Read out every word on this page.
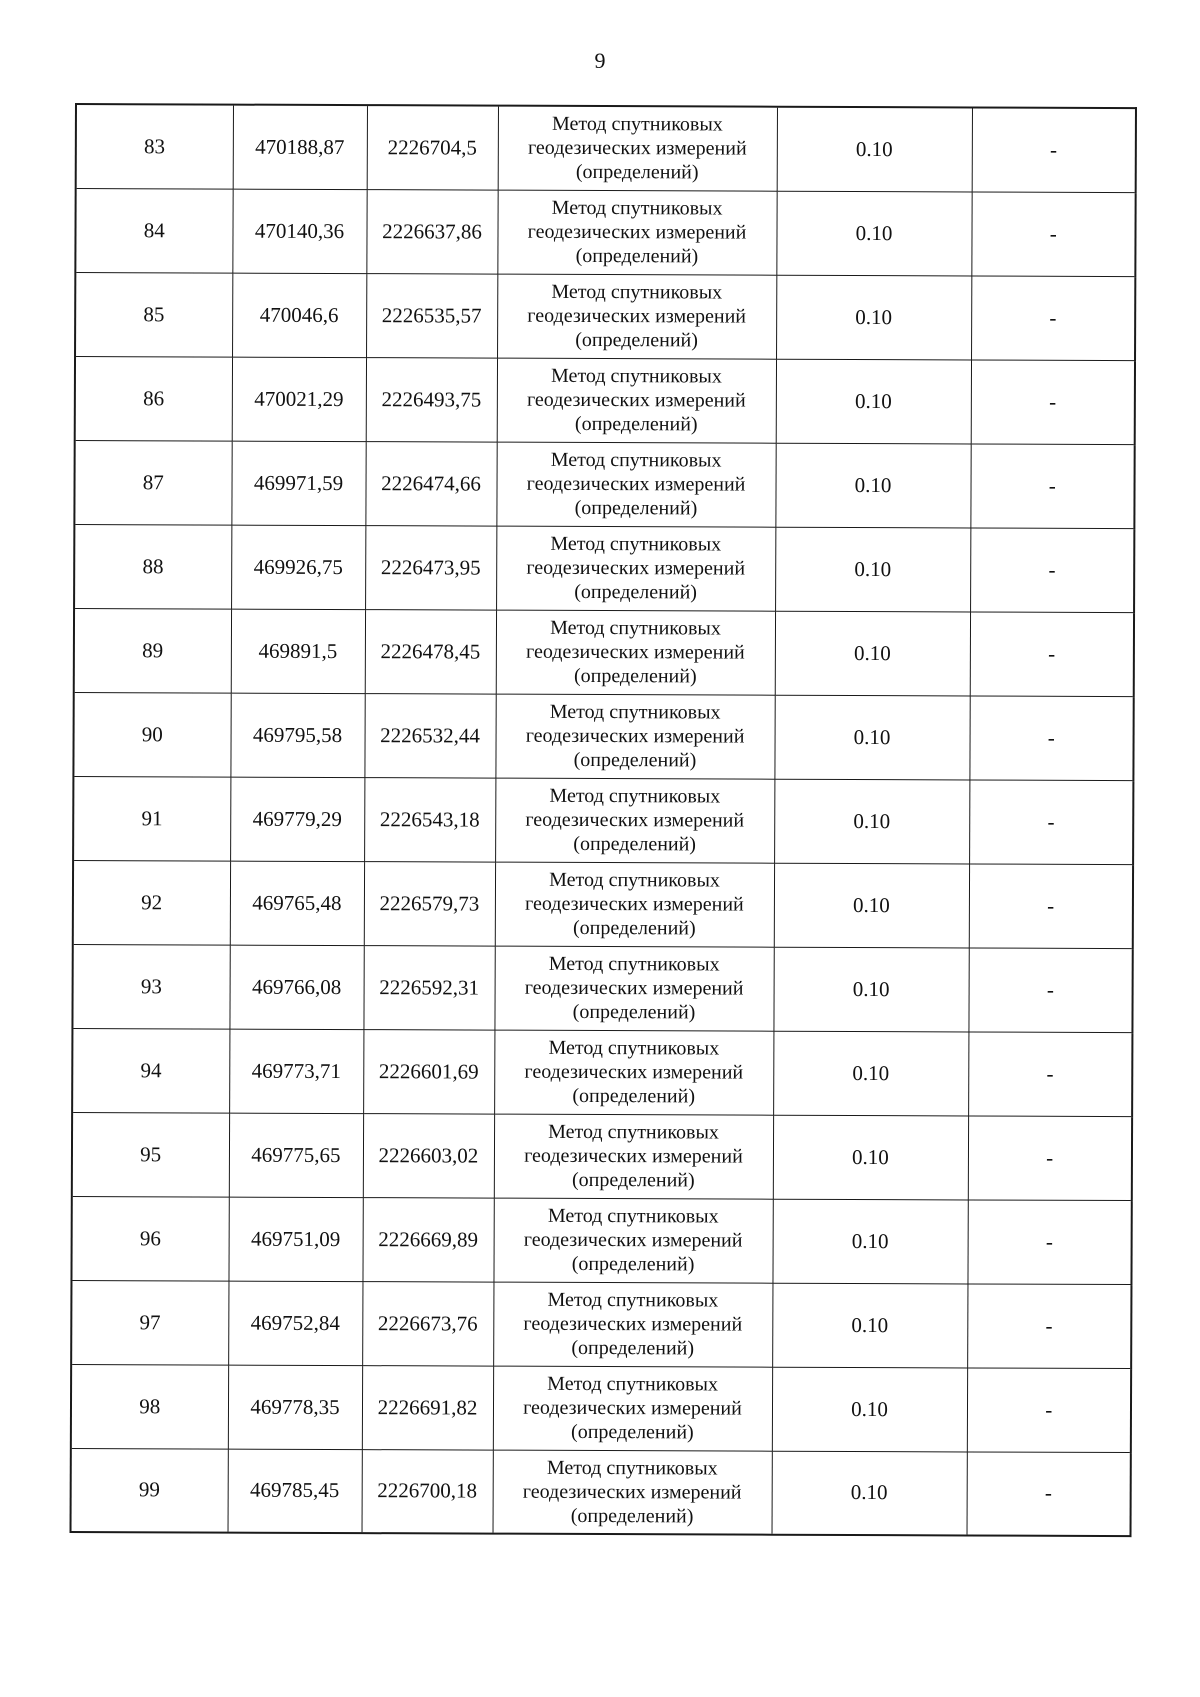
9
83	470188,87	2226704,5	Метод спутниковых
геодезических измерений
(определений)	0.10	-
84	470140,36	2226637,86	Метод спутниковых
геодезических измерений
(определений)	0.10	-
85	470046,6	2226535,57	Метод спутниковых
геодезических измерений
(определений)	0.10	-
86	470021,29	2226493,75	Метод спутниковых
геодезических измерений
(определений)	0.10	-
87	469971,59	2226474,66	Метод спутниковых
геодезических измерений
(определений)	0.10	-
88	469926,75	2226473,95	Метод спутниковых
геодезических измерений
(определений)	0.10	-
89	469891,5	2226478,45	Метод спутниковых
геодезических измерений
(определений)	0.10	-
90	469795,58	2226532,44	Метод спутниковых
геодезических измерений
(определений)	0.10	-
91	469779,29	2226543,18	Метод спутниковых
геодезических измерений
(определений)	0.10	-
92	469765,48	2226579,73	Метод спутниковых
геодезических измерений
(определений)	0.10	-
93	469766,08	2226592,31	Метод спутниковых
геодезических измерений
(определений)	0.10	-
94	469773,71	2226601,69	Метод спутниковых
геодезических измерений
(определений)	0.10	-
95	469775,65	2226603,02	Метод спутниковых
геодезических измерений
(определений)	0.10	-
96	469751,09	2226669,89	Метод спутниковых
геодезических измерений
(определений)	0.10	-
97	469752,84	2226673,76	Метод спутниковых
геодезических измерений
(определений)	0.10	-
98	469778,35	2226691,82	Метод спутниковых
геодезических измерений
(определений)	0.10	-
99	469785,45	2226700,18	Метод спутниковых
геодезических измерений
(определений)	0.10	-
